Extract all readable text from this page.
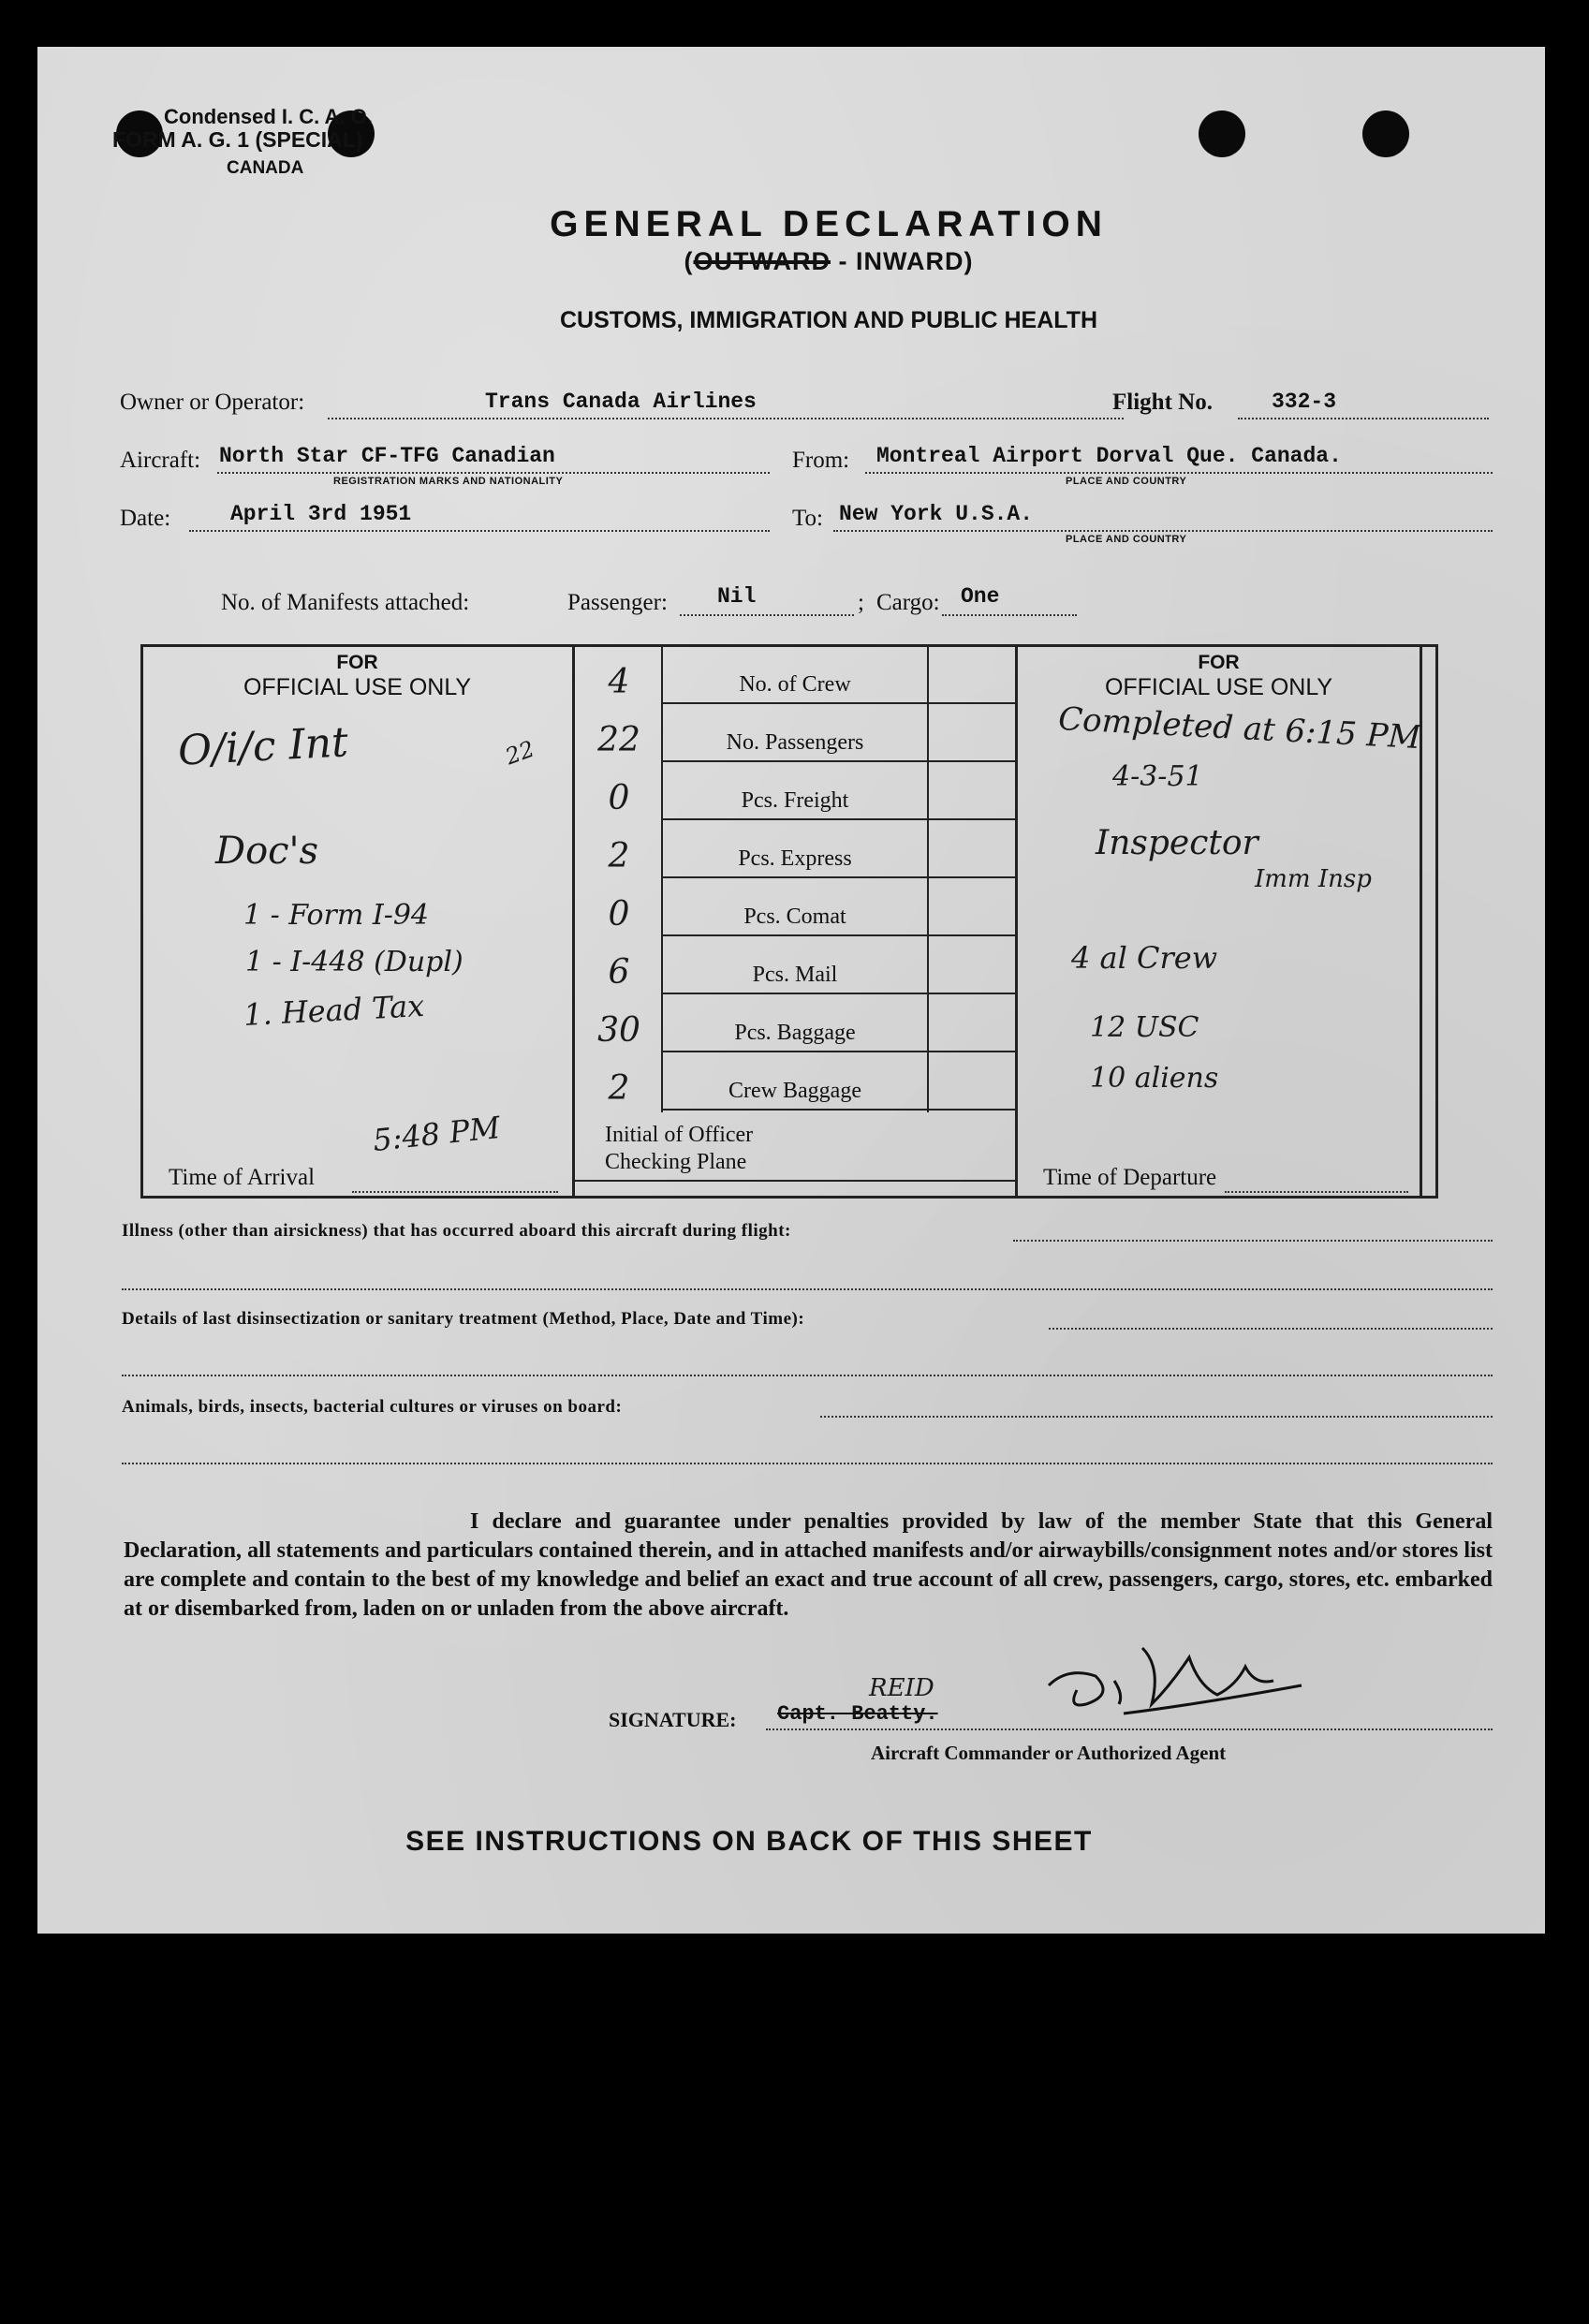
Condensed I. C. A. O.
FORM A. G. 1 (SPECIAL)
CANADA
GENERAL DECLARATION
(OUTWARD - INWARD)
CUSTOMS, IMMIGRATION AND PUBLIC HEALTH
Owner or Operator:	Trans Canada Airlines	Flight No.	332-3
Aircraft: North Star CF-TFG Canadian
REGISTRATION MARKS AND NATIONALITY
From: Montreal Airport Dorval Que. Canada.
PLACE AND COUNTRY
Date:	April 3rd 1951	To: New York U.S.A.
PLACE AND COUNTRY
No. of Manifests attached:	Passenger: Nil	; Cargo: One
FOR
OFFICIAL USE ONLY
FOR
OFFICIAL USE ONLY
4	No. of Crew
22	No. Passengers
0	Pcs. Freight
2	Pcs. Express
0	Pcs. Comat
6	Pcs. Mail
30	Pcs. Baggage
2	Crew Baggage
Initial of Officer
Checking Plane
Time of Arrival
5:48 PM
Time of Departure
O/i/c Int	22
Doc's
1 - Form I-94
1 - I-448 (Dupl)
1. Head Tax
Completed at 6:15 PM
4-3-51
Inspector
Imm Insp
4 al Crew
12 USC
10 aliens
Illness (other than airsickness) that has occurred aboard this aircraft during flight:
Details of last disinsectization or sanitary treatment (Method, Place, Date and Time):
Animals, birds, insects, bacterial cultures or viruses on board:
I declare and guarantee under penalties provided by law of the member State that this General Declaration, all statements and particulars contained therein, and in attached manifests and/or airwaybills/consignment notes and/or stores list are complete and contain to the best of my knowledge and belief an exact and true account of all crew, passengers, cargo, stores, etc. embarked at or disembarked from, laden on or unladen from the above aircraft.
SIGNATURE: Capt. Beatty.
REID
Aircraft Commander or Authorized Agent
SEE INSTRUCTIONS ON BACK OF THIS SHEET
